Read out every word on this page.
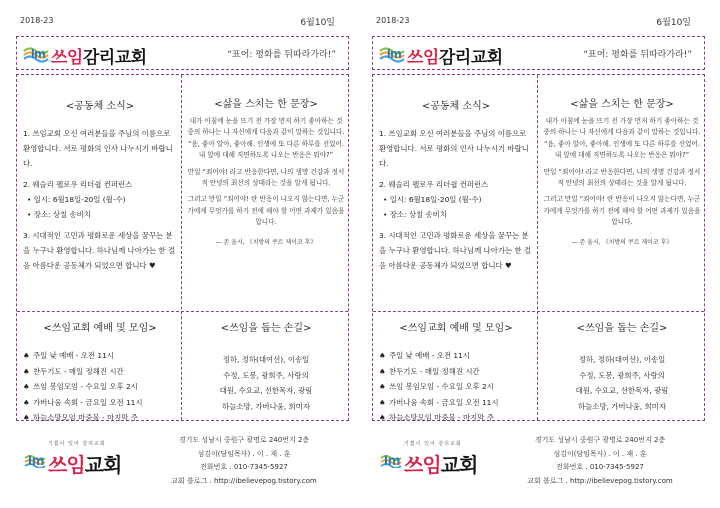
2018-23	6월10일
Im 쓰임감리교회	“표어: 평화를 뒤따라가라!”
<공동체 소식>
1. 쓰임교회 오신 여러분들을 주님의 이름으로 환영합니다. 서로 평화의 인사 나누시기 바랍니다.
2. 웨슬리 펠로우 리더쉽 컨퍼런스
• 일시: 6월18일-20일 (월-수)
• 장소: 상칠 송비치
3. 시대적인 고민과 평화로운 세상을 꿈꾸는 분을 누구나 환영합니다. 하나님께 나아가는 한 걸음 아름다운 공동체가 되었으면 합니다 ♥
<삶을 스치는 한 문장>

내가 아침에 눈을 뜨기 전 가장 먼저 하기 좋아하는 것 중의 하나는 나 자신에게 다음과 같이 말하는 것입니다. “음, 좋아 알아, 좋아해. 인생에 또 다른 하루를 선었어. 내 앞에 대해 직면하도록 나오는 반응은 뭐야?”

만일 “죄어야! 라고 반응한다면, 나의 생명 건강과 정서적 안녕의 최선의 상태라는 것을 알게 됩니다.

그러고 만일 “죄어야! 란 반응이 나오지 않는다면, 누군가에게 무엇가를 하기 전에 해야 할 어떤 과제가 있음을 압니다.

— 존 울시, 《치방의 쿠르 제이코 후》
<쓰임교회 예배 및 모임>
♠ 주일 낮 예배 - 오전 11시
♠ 찬두기도 - 매일 정해진 시간
♠ 쓰임 봉임모임 - 수요일 오후 2시
♠ 가버나움 속회 - 금요일 오전 11시
♠ 하늘소망모임 마중물 - 마지막 주
<쓰임을 돕는 손길>
정하, 정하(대여선), 이송일
수정, 도봉, 광희주, 사랑의
대원, 수요교, 선한목자, 광림
하늘소망, 가버나움, 희미자
기쁨이 있어 감리교회
Im 쓰임교회
경기도 성남시 중원구 광명로 240번지 2층
섬김이(담임목사) . 이 . 재 . 훈
전화번호 . 010-7345-5927
교회 블로그 . http://ibelievepog.tistory.com
2018-23	6월10일
Im 쓰임감리교회	“표어: 평화를 뒤따라가라!”
<공동체 소식>
1. 쓰임교회 오신 여러분들을 주님의 이름으로 환영합니다. 서로 평화의 인사 나누시기 바랍니다.
2. 웨슬리 펠로우 리더쉽 컨퍼런스
• 일시: 6월18일-20일 (월-수)
• 장소: 상칠 송비치
3. 시대적인 고민과 평화로운 세상을 꿈꾸는 분을 누구나 환영합니다. 하나님께 나아가는 한 걸음 아름다운 공동체가 되었으면 합니다 ♥
<삶을 스치는 한 문장>

내가 아침에 눈을 뜨기 전 가장 먼저 하기 좋아하는 것 중의 하나는 나 자신에게 다음과 같이 말하는 것입니다. “음, 좋아 알아, 좋아해. 인생에 또 다른 하루를 선었어. 내 앞에 대해 직면하도록 나오는 반응은 뭐야?”

만일 “죄어야! 라고 반응한다면, 나의 생명 건강과 정서적 안녕의 최선의 상태라는 것을 알게 됩니다.

그러고 만일 “죄어야! 란 반응이 나오지 않는다면, 누군가에게 무엇가를 하기 전에 해야 할 어떤 과제가 있음을 압니다.

— 존 울시, 《치방의 쿠르 제이코 후》
<쓰임교회 예배 및 모임>
♠ 주일 낮 예배 - 오전 11시
♠ 찬두기도 - 매일 정해진 시간
♠ 쓰임 봉임모임 - 수요일 오후 2시
♠ 가버나움 속회 - 금요일 오전 11시
♠ 하늘소망모임 마중물 - 마지막 주
<쓰임을 돕는 손길>
정하, 정하(대여선), 이송일
수정, 도봉, 광희주, 사랑의
대원, 수요교, 선한목자, 광림
하늘소망, 가버나움, 희미자
기쁨이 있어 감리교회
Im 쓰임교회
경기도 성남시 중원구 광명로 240번지 2층
섬김이(담임목사) . 이 . 재 . 훈
전화번호 . 010-7345-5927
교회 블로그 . http://ibelievepog.tistory.com
